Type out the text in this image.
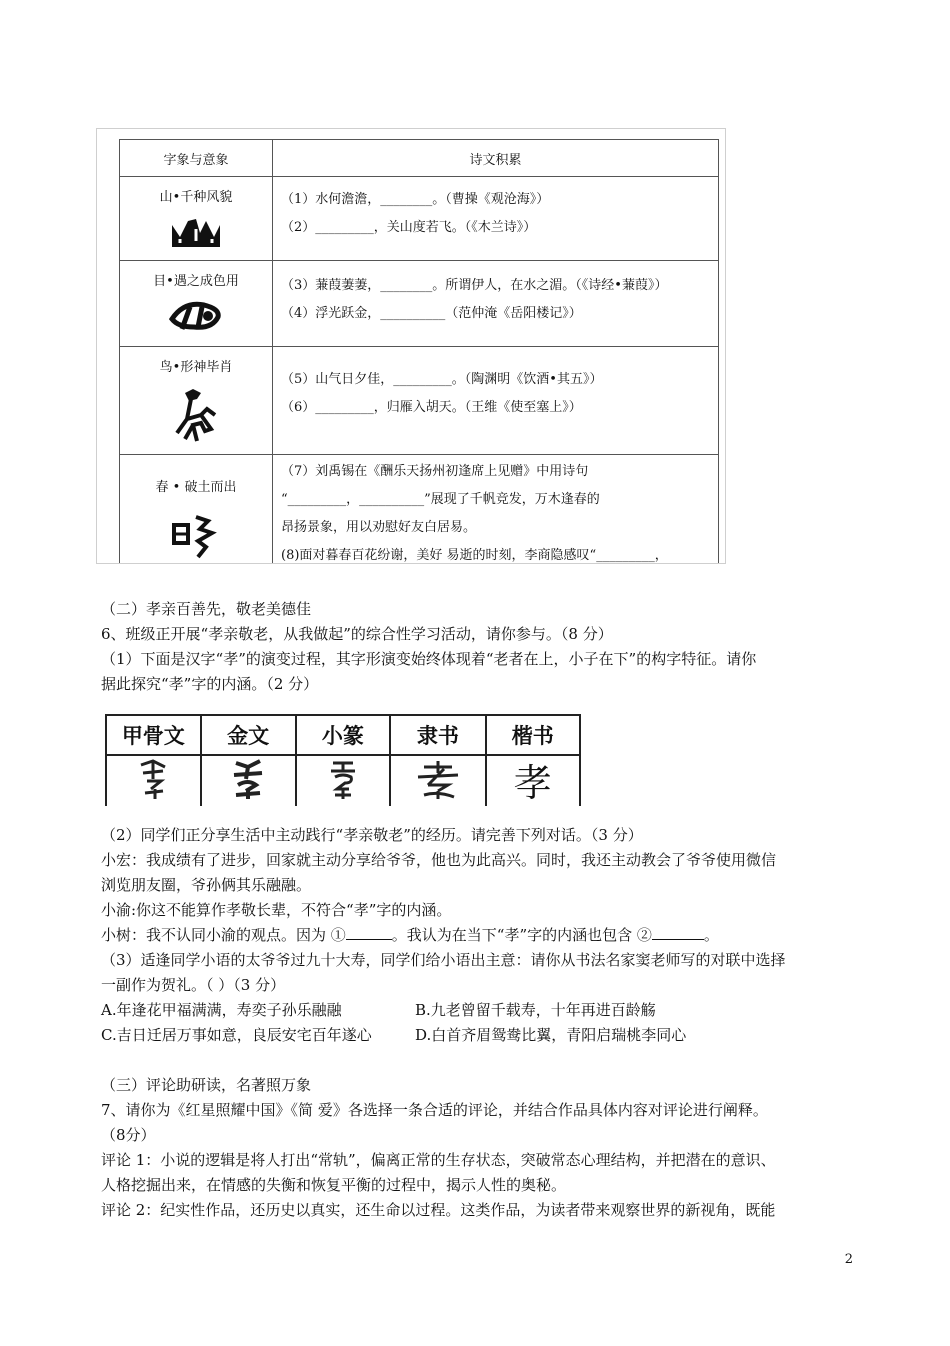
字象与意象	诗文积累

山•千种风貌	（1）水何澹澹，________。（曹操《观沧海》）
（2）_________，关山度若飞。（《木兰诗》）

目•遇之成色用	（3）蒹葭萋萋，________。所谓伊人，在水之湄。（《诗经•蒹葭》）
（4）浮光跃金，__________（范仲淹《岳阳楼记》）

鸟•形神毕肖	（5）山气日夕佳，_________。（陶渊明《饮酒•其五》）
（6）_________，归雁入胡天。（王维《使至塞上》）

春 • 破土而出	（7）刘禹锡在《酬乐天扬州初逢席上见赠》中用诗句
“_________，__________”展现了千帆竞发，万木逢春的
昂扬景象，用以劝慰好友白居易。
(8)面对暮春百花纷谢，美好 易逝的时刻，李商隐感叹“_________，
（二）孝亲百善先，敬老美德佳
6、班级正开展“孝亲敬老，从我做起”的综合性学习活动，请你参与。（8 分）
（1）下面是汉字“孝”的演变过程，其字形演变始终体现着“老者在上，小子在下”的构字特征。请你
据此探究“孝”字的内涵。（2 分）
甲骨文	金文	小篆	隶书	楷书
				孝
（2）同学们正分享生活中主动践行“孝亲敬老”的经历。请完善下列对话。（3 分）
小宏：我成绩有了进步，回家就主动分享给爷爷，他也为此高兴。同时，我还主动教会了爷爷使用微信
浏览朋友圈，爷孙俩其乐融融。
小渝:你这不能算作孝敬长辈，不符合“孝”字的内涵。
小树：我不认同小渝的观点。因为 ①	。我认为在当下“孝”字的内涵也包含 ②	。
（3）适逢同学小语的太爷爷过九十大寿，同学们给小语出主意：请你从书法名家窦老师写的对联中选择
一副作为贺礼。（ ）（3 分）
A.年逢花甲福满满，寿奕子孙乐融融	B.九老曾留千载寿，十年再进百龄觞
C.吉日迁居万事如意，良辰安宅百年遂心	D.白首齐眉鸳鸯比翼，青阳启瑞桃李同心
（三）评论助研读，名著照万象
7、请你为《红星照耀中国》《简 爱》各选择一条合适的评论，并结合作品具体内容对评论进行阐释。
（8分）
评论 1：小说的逻辑是将人打出“常轨”，偏离正常的生存状态，突破常态心理结构，并把潜在的意识、
人格挖掘出来，在情感的失衡和恢复平衡的过程中，揭示人性的奥秘。
评论 2：纪实性作品，还历史以真实，还生命以过程。这类作品，为读者带来观察世界的新视角，既能
2
